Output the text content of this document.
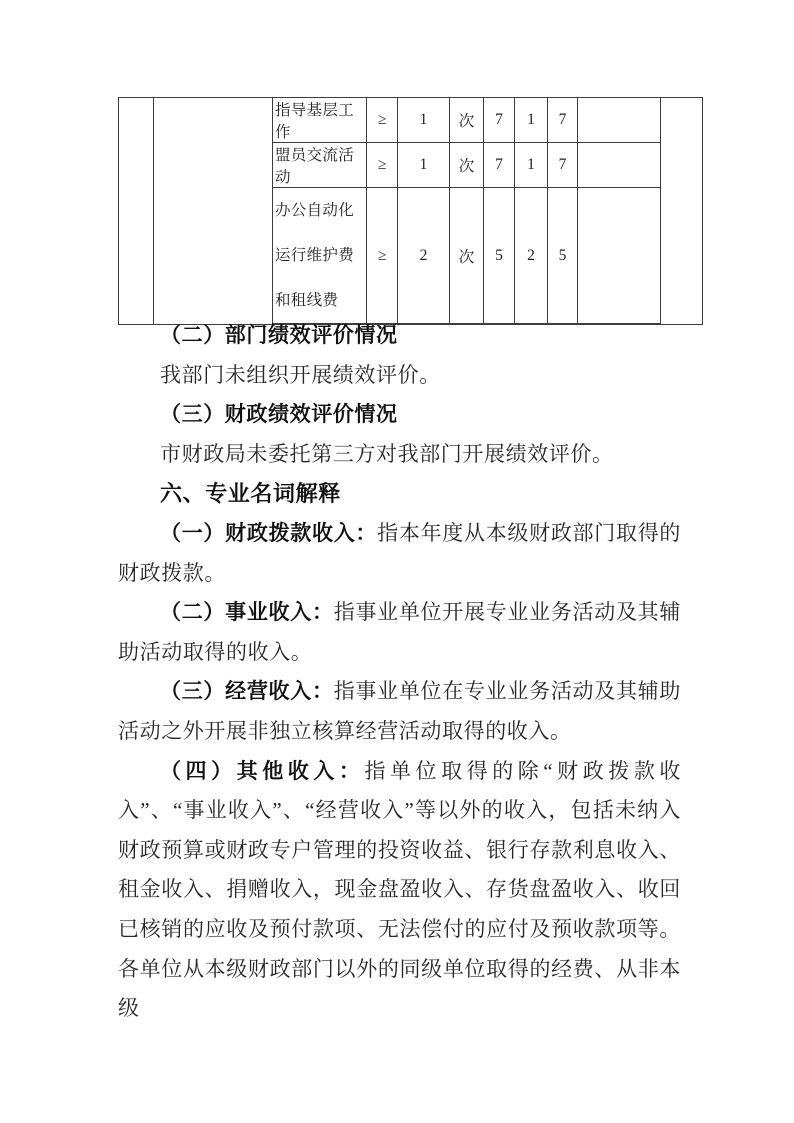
		指导基层工作	≥	1	次	7	1	7		
		盟员交流活动	≥	1	次	7	1	7		
		办公自动化运行维护费和租线费	≥	2	次	5	2	5		

（二）部门绩效评价情况

我部门未组织开展绩效评价。

（三）财政绩效评价情况

市财政局未委托第三方对我部门开展绩效评价。

六、专业名词解释

（一）财政拨款收入：指本年度从本级财政部门取得的财政拨款。

（二）事业收入：指事业单位开展专业业务活动及其辅助活动取得的收入。

（三）经营收入：指事业单位在专业业务活动及其辅助活动之外开展非独立核算经营活动取得的收入。

（四）其他收入：指单位取得的除“财政拨款收入”、“事业收入”、“经营收入”等以外的收入，包括未纳入财政预算或财政专户管理的投资收益、银行存款利息收入、租金收入、捐赠收入，现金盘盈收入、存货盘盈收入、收回已核销的应收及预付款项、无法偿付的应付及预收款项等。各单位从本级财政部门以外的同级单位取得的经费、从非本级
